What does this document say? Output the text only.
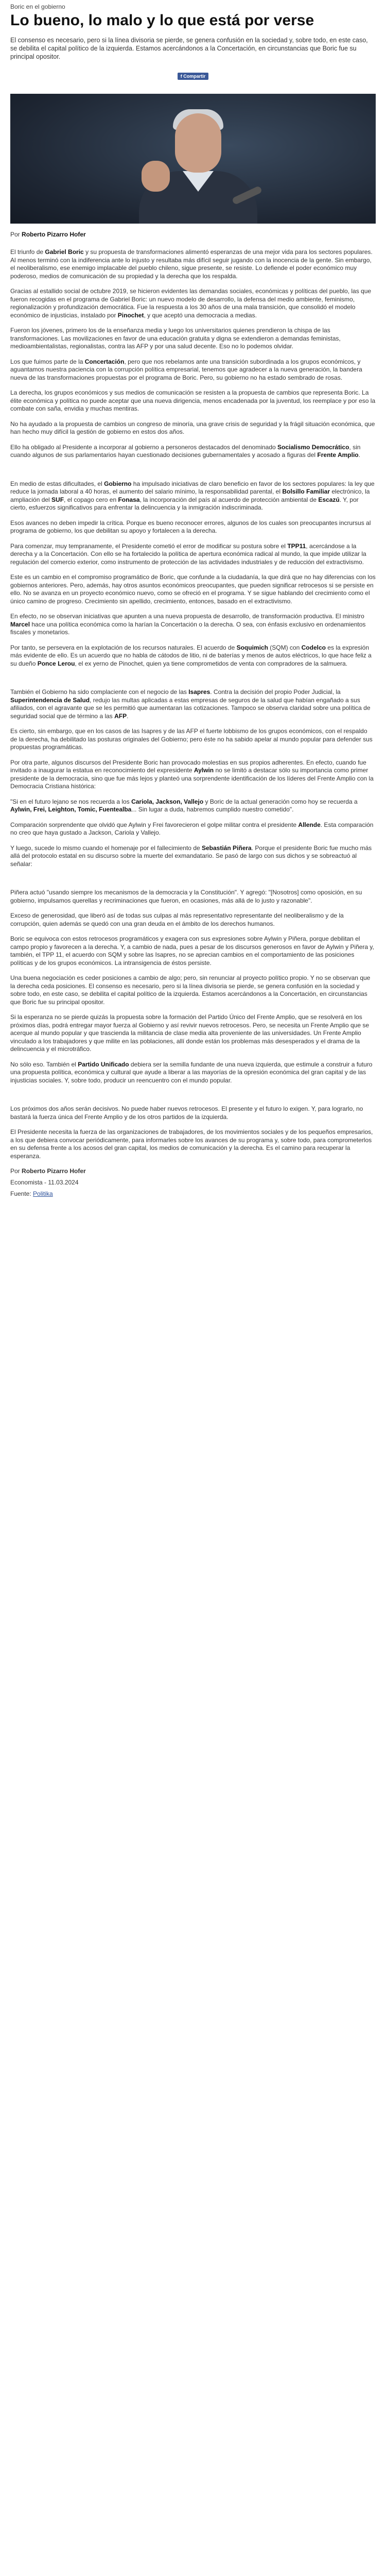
Boric en el gobierno
Lo bueno, lo malo y lo que está por verse

El consenso es necesario, pero si la línea divisoria se pierde, se genera confusión en la sociedad y, sobre todo, en este caso, se debilita el capital político de la izquierda. Estamos acercándonos a la Concertación, en circunstancias que Boric fue su principal opositor.

f Compartir
Por Roberto Pizarro Hofer

El triunfo de Gabriel Boric y su propuesta de transformaciones alimentó esperanzas de una mejor vida para los sectores populares. Al menos terminó con la indiferencia ante lo injusto y resultaba más difícil seguir jugando con la inocencia de la gente. Sin embargo, el neoliberalismo, ese enemigo implacable del pueblo chileno, sigue presente, se resiste. Lo defiende el poder económico muy poderoso, medios de comunicación de su propiedad y la derecha que los respalda.

Gracias al estallido social de octubre 2019, se hicieron evidentes las demandas sociales, económicas y políticas del pueblo, las que fueron recogidas en el programa de Gabriel Boric: un nuevo modelo de desarrollo, la defensa del medio ambiente, feminismo, regionalización y profundización democrática. Fue la respuesta a los 30 años de una mala transición, que consolidó el modelo económico de injusticias, instalado por Pinochet, y que aceptó una democracia a medias.

Fueron los jóvenes, primero los de la enseñanza media y luego los universitarios quienes prendieron la chispa de las transformaciones. Las movilizaciones en favor de una educación gratuita y digna se extendieron a demandas feministas, medioambientalistas, regionalistas, contra las AFP y por una salud decente. Eso no lo podemos olvidar.

Los que fuimos parte de la Concertación, pero que nos rebelamos ante una transición subordinada a los grupos económicos, y aguantamos nuestra paciencia con la corrupción política empresarial, tenemos que agradecer a la nueva generación, la bandera nueva de las transformaciones propuestas por el programa de Boric. Pero, su gobierno no ha estado sembrado de rosas.

La derecha, los grupos económicos y sus medios de comunicación se resisten a la propuesta de cambios que representa Boric. La élite económica y política no puede aceptar que una nueva dirigencia, menos encadenada por la juventud, los reemplace y por eso la combate con saña, envidia y muchas mentiras.

No ha ayudado a la propuesta de cambios un congreso de minoría, una grave crisis de seguridad y la frágil situación económica, que han hecho muy difícil la gestión de gobierno en estos dos años.

Ello ha obligado al Presidente a incorporar al gobierno a personeros destacados del denominado Socialismo Democrático, sin cuando algunos de sus parlamentarios hayan cuestionado decisiones gubernamentales y acosado a figuras del Frente Amplio.

En medio de estas dificultades, el Gobierno ha impulsado iniciativas de claro beneficio en favor de los sectores populares: la ley que reduce la jornada laboral a 40 horas, el aumento del salario mínimo, la responsabilidad parental, el Bolsillo Familiar electrónico, la ampliación del SUF, el copago cero en Fonasa, la incorporación del país al acuerdo de protección ambiental de Escazú. Y, por cierto, esfuerzos significativos para enfrentar la delincuencia y la inmigración indiscriminada.

Esos avances no deben impedir la crítica. Porque es bueno reconocer errores, algunos de los cuales son preocupantes incrursus al programa de gobierno, los que debilitan su apoyo y fortalecen a la derecha.

Para comenzar, muy tempranamente, el Presidente cometió el error de modificar su postura sobre el TPP11, acercándose a la derecha y a la Concertación. Con ello se ha fortalecido la política de apertura económica radical al mundo, la que impide utilizar la regulación del comercio exterior, como instrumento de protección de las actividades industriales y de reducción del extractivismo.

Este es un cambio en el compromiso programático de Boric, que confunde a la ciudadanía, la que dirá que no hay diferencias con los gobiernos anteriores. Pero, además, hay otros asuntos económicos preocupantes, que pueden significar retrocesos si se persiste en ello. No se avanza en un proyecto económico nuevo, como se ofreció en el programa. Y se sigue hablando del crecimiento como el único camino de progreso. Crecimiento sin apellido, crecimiento, entonces, basado en el extractivismo.

En efecto, no se observan iniciativas que apunten a una nueva propuesta de desarrollo, de transformación productiva. El ministro Marcel hace una política económica como la harían la Concertación o la derecha. O sea, con énfasis exclusivo en ordenamientos fiscales y monetarios.

Por tanto, se persevera en la explotación de los recursos naturales. El acuerdo de Soquimich (SQM) con Codelco es la expresión más evidente de ello. Es un acuerdo que no habla de cátodos de litio, ni de baterías y menos de autos eléctricos, lo que hace feliz a su dueño Ponce Lerou, el ex yerno de Pinochet, quien ya tiene comprometidos de venta con compradores de la salmuera.

También el Gobierno ha sido complaciente con el negocio de las Isapres. Contra la decisión del propio Poder Judicial, la Superintendencia de Salud, redujo las multas aplicadas a estas empresas de seguros de la salud que habían engañado a sus afiliados, con el agravante que se les permitió que aumentaran las cotizaciones. Tampoco se observa claridad sobre una política de seguridad social que de término a las AFP.

Es cierto, sin embargo, que en los casos de las Isapres y de las AFP el fuerte lobbismo de los grupos económicos, con el respaldo de la derecha, ha debilitado las posturas originales del Gobierno; pero éste no ha sabido apelar al mundo popular para defender sus propuestas programáticas.

Por otra parte, algunos discursos del Presidente Boric han provocado molestias en sus propios adherentes. En efecto, cuando fue invitado a inaugurar la estatua en reconocimiento del expresidente Aylwin no se limitó a destacar sólo su importancia como primer presidente de la democracia, sino que fue más lejos y planteó una sorprendente identificación de los líderes del Frente Amplio con la Democracia Cristiana histórica:

"Si en el futuro lejano se nos recuerda a los Cariola, Jackson, Vallejo y Boric de la actual generación como hoy se recuerda a Aylwin, Frei, Leighton, Tomic, Fuentealba... Sin lugar a duda, habremos cumplido nuestro cometido".

Comparación sorprendente que olvidó que Aylwin y Frei favorecieron el golpe militar contra el presidente Allende. Esta comparación no creo que haya gustado a Jackson, Cariola y Vallejo.

Y luego, sucede lo mismo cuando el homenaje por el fallecimiento de Sebastián Piñera. Porque el presidente Boric fue mucho más allá del protocolo estatal en su discurso sobre la muerte del exmandatario. Se pasó de largo con sus dichos y se sobreactuó al señalar:

Piñera actuó "usando siempre los mecanismos de la democracia y la Constitución". Y agregó: "[Nosotros] como oposición, en su gobierno, impulsamos querellas y recriminaciones que fueron, en ocasiones, más allá de lo justo y razonable".

Exceso de generosidad, que liberó así de todas sus culpas al más representativo representante del neoliberalismo y de la corrupción, quien además se quedó con una gran deuda en el ámbito de los derechos humanos.

Boric se equivoca con estos retrocesos programáticos y exagera con sus expresiones sobre Aylwin y Piñera, porque debilitan el campo propio y favorecen a la derecha. Y, a cambio de nada, pues a pesar de los discursos generosos en favor de Aylwin y Piñera y, también, el TPP 11, el acuerdo con SQM y sobre las Isapres, no se aprecian cambios en el comportamiento de las posiciones políticas y de los grupos económicos. La intransigencia de éstos persiste.

Una buena negociación es ceder posiciones a cambio de algo; pero, sin renunciar al proyecto político propio. Y no se observan que la derecha ceda posiciones. El consenso es necesario, pero si la línea divisoria se pierde, se genera confusión en la sociedad y sobre todo, en este caso, se debilita el capital político de la izquierda. Estamos acercándonos a la Concertación, en circunstancias que Boric fue su principal opositor.

Si la esperanza no se pierde quizás la propuesta sobre la formación del Partido Único del Frente Amplio, que se resolverá en los próximos días, podrá entregar mayor fuerza al Gobierno y así revivir nuevos retrocesos. Pero, se necesita un Frente Amplio que se acerque al mundo popular y que trascienda la militancia de clase media alta proveniente de las universidades. Un Frente Amplio vinculado a los trabajadores y que milite en las poblaciones, allí donde están los problemas más desesperados y el drama de la delincuencia y el microtráfico.

No sólo eso. También el Partido Unificado debiera ser la semilla fundante de una nueva izquierda, que estimule a construir a futuro una propuesta política, económica y cultural que ayude a liberar a las mayorías de la opresión económica del gran capital y de las injusticias sociales. Y, sobre todo, producir un reencuentro con el mundo popular.

Los próximos dos años serán decisivos. No puede haber nuevos retrocesos. El presente y el futuro lo exigen. Y, para lograrlo, no bastará la fuerza única del Frente Amplio y de los otros partidos de la izquierda.

El Presidente necesita la fuerza de las organizaciones de trabajadores, de los movimientos sociales y de los pequeños empresarios, a los que debiera convocar periódicamente, para informarles sobre los avances de su programa y, sobre todo, para comprometerlos en su defensa frente a los acosos del gran capital, los medios de comunicación y la derecha. Es el camino para recuperar la esperanza.

Por Roberto Pizarro Hofer

Economista - 11.03.2024

Fuente: Politika
